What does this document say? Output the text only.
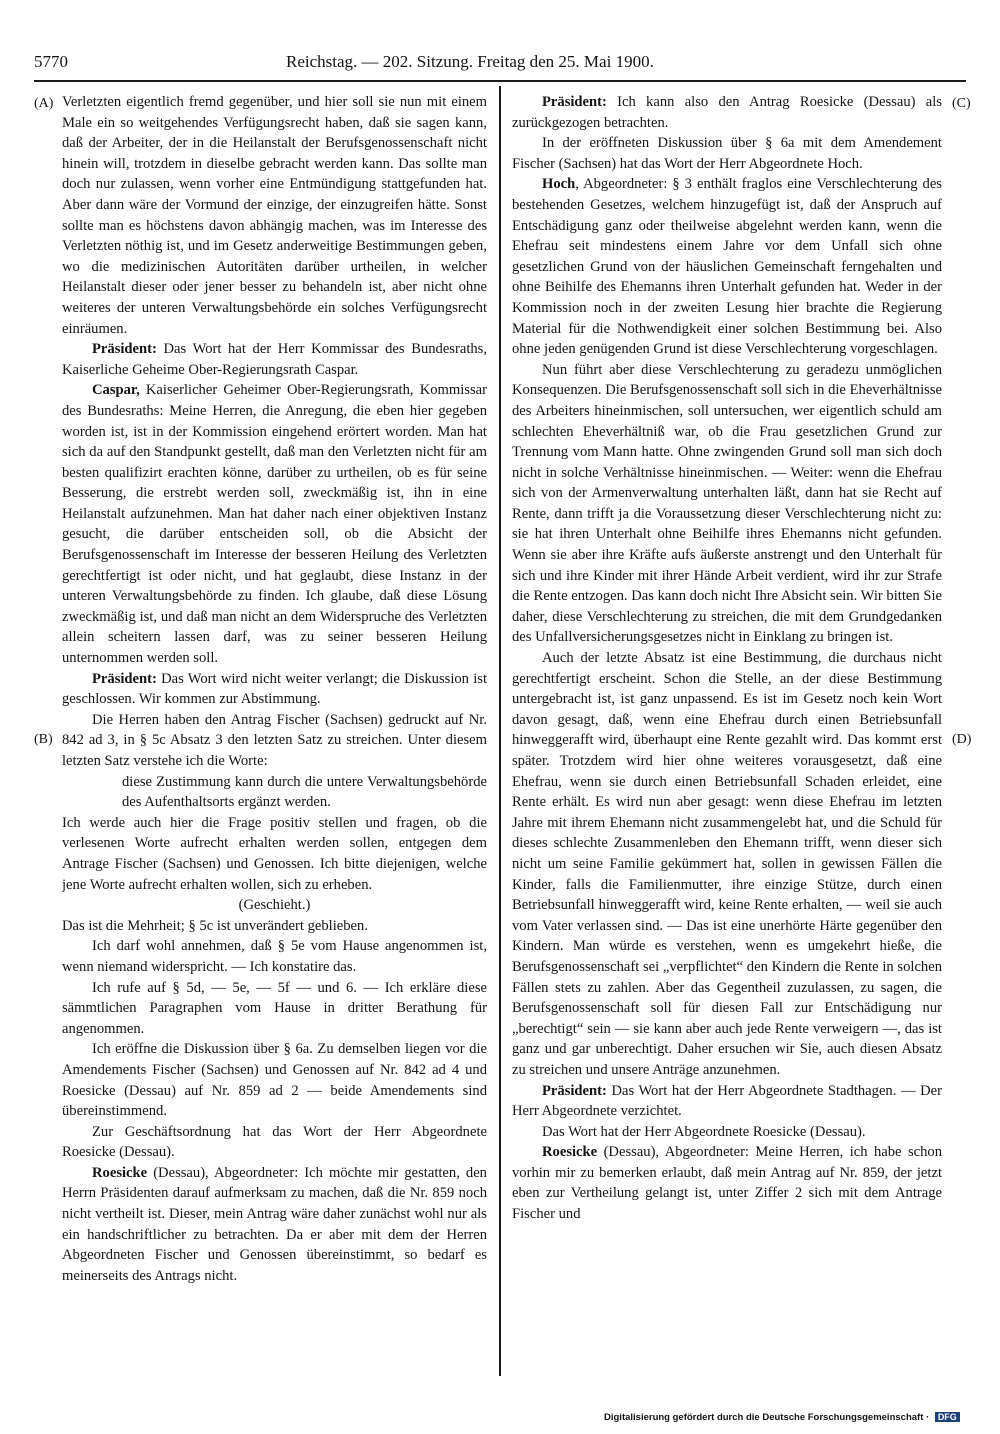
5770	Reichstag. — 202. Sitzung. Freitag den 25. Mai 1900.
(A)
(B)
(C)
(D)

Verletzten eigentlich fremd gegenüber, und hier soll sie nun mit einem Male ein so weitgehendes Verfügungsrecht haben, daß sie sagen kann, daß der Arbeiter, der in die Heilanstalt der Berufsgenossenschaft nicht hinein will, trotzdem in dieselbe gebracht werden kann. Das sollte man doch nur zulassen, wenn vorher eine Entmündigung stattgefunden hat. Aber dann wäre der Vormund der einzige, der einzugreifen hätte. Sonst sollte man es höchstens davon abhängig machen, was im Interesse des Verletzten nöthig ist, und im Gesetz anderweitige Bestimmungen geben, wo die medizinischen Autoritäten darüber urtheilen, in welcher Heilanstalt dieser oder jener besser zu behandeln ist, aber nicht ohne weiteres der unteren Verwaltungsbehörde ein solches Verfügungsrecht einräumen.

Präsident: Das Wort hat der Herr Kommissar des Bundesraths, Kaiserliche Geheime Ober-Regierungsrath Caspar.

Caspar, Kaiserlicher Geheimer Ober-Regierungsrath, Kommissar des Bundesraths: Meine Herren, die Anregung, die eben hier gegeben worden ist, ist in der Kommission eingehend erörtert worden. Man hat sich da auf den Standpunkt gestellt, daß man den Verletzten nicht für am besten qualifizirt erachten könne, darüber zu urtheilen, ob es für seine Besserung, die erstrebt werden soll, zweckmäßig ist, ihn in eine Heilanstalt aufzunehmen. Man hat daher nach einer objektiven Instanz gesucht, die darüber entscheiden soll, ob die Absicht der Berufsgenossenschaft im Interesse der besseren Heilung des Verletzten gerechtfertigt ist oder nicht, und hat geglaubt, diese Instanz in der unteren Verwaltungsbehörde zu finden. Ich glaube, daß diese Lösung zweckmäßig ist, und daß man nicht an dem Widerspruche des Verletzten allein scheitern lassen darf, was zu seiner besseren Heilung unternommen werden soll.

Präsident: Das Wort wird nicht weiter verlangt; die Diskussion ist geschlossen. Wir kommen zur Abstimmung.

Die Herren haben den Antrag Fischer (Sachsen) gedruckt auf Nr. 842 ad 3, in § 5c Absatz 3 den letzten Satz zu streichen. Unter diesem letzten Satz verstehe ich die Worte:

diese Zustimmung kann durch die untere Verwaltungsbehörde des Aufenthaltsorts ergänzt werden.

Ich werde auch hier die Frage positiv stellen und fragen, ob die verlesenen Worte aufrecht erhalten werden sollen, entgegen dem Antrage Fischer (Sachsen) und Genossen. Ich bitte diejenigen, welche jene Worte aufrecht erhalten wollen, sich zu erheben.

(Geschieht.)

Das ist die Mehrheit; § 5c ist unverändert geblieben.

Ich darf wohl annehmen, daß § 5e vom Hause angenommen ist, wenn niemand widerspricht. — Ich konstatire das.

Ich rufe auf § 5d, — 5e, — 5f — und 6. — Ich erkläre diese sämmtlichen Paragraphen vom Hause in dritter Berathung für angenommen.

Ich eröffne die Diskussion über § 6a. Zu demselben liegen vor die Amendements Fischer (Sachsen) und Genossen auf Nr. 842 ad 4 und Roesicke (Dessau) auf Nr. 859 ad 2 — beide Amendements sind übereinstimmend.

Zur Geschäftsordnung hat das Wort der Herr Abgeordnete Roesicke (Dessau).

Roesicke (Dessau), Abgeordneter: Ich möchte mir gestatten, den Herrn Präsidenten darauf aufmerksam zu machen, daß die Nr. 859 noch nicht vertheilt ist. Dieser, mein Antrag wäre daher zunächst wohl nur als ein handschriftlicher zu betrachten. Da er aber mit dem der Herren Abgeordneten Fischer und Genossen übereinstimmt, so bedarf es meinerseits des Antrags nicht.

Präsident: Ich kann also den Antrag Roesicke (Dessau) als zurückgezogen betrachten.

In der eröffneten Diskussion über § 6a mit dem Amendement Fischer (Sachsen) hat das Wort der Herr Abgeordnete Hoch.

Hoch, Abgeordneter: § 3 enthält fraglos eine Verschlechterung des bestehenden Gesetzes, welchem hinzugefügt ist, daß der Anspruch auf Entschädigung ganz oder theilweise abgelehnt werden kann, wenn die Ehefrau seit mindestens einem Jahre vor dem Unfall sich ohne gesetzlichen Grund von der häuslichen Gemeinschaft ferngehalten und ohne Beihilfe des Ehemanns ihren Unterhalt gefunden hat. Weder in der Kommission noch in der zweiten Lesung hier brachte die Regierung Material für die Nothwendigkeit einer solchen Bestimmung bei. Also ohne jeden genügenden Grund ist diese Verschlechterung vorgeschlagen.

Nun führt aber diese Verschlechterung zu geradezu unmöglichen Konsequenzen. Die Berufsgenossenschaft soll sich in die Eheverhältnisse des Arbeiters hineinmischen, soll untersuchen, wer eigentlich schuld am schlechten Eheverhältniß war, ob die Frau gesetzlichen Grund zur Trennung vom Mann hatte. Ohne zwingenden Grund soll man sich doch nicht in solche Verhältnisse hineinmischen. — Weiter: wenn die Ehefrau sich von der Armenverwaltung unterhalten läßt, dann hat sie Recht auf Rente, dann trifft ja die Voraussetzung dieser Verschlechterung nicht zu: sie hat ihren Unterhalt ohne Beihilfe ihres Ehemanns nicht gefunden. Wenn sie aber ihre Kräfte aufs äußerste anstrengt und den Unterhalt für sich und ihre Kinder mit ihrer Hände Arbeit verdient, wird ihr zur Strafe die Rente entzogen. Das kann doch nicht Ihre Absicht sein. Wir bitten Sie daher, diese Verschlechterung zu streichen, die mit dem Grundgedanken des Unfallversicherungsgesetzes nicht in Einklang zu bringen ist.

Auch der letzte Absatz ist eine Bestimmung, die durchaus nicht gerechtfertigt erscheint. Schon die Stelle, an der diese Bestimmung untergebracht ist, ist ganz unpassend. Es ist im Gesetz noch kein Wort davon gesagt, daß, wenn eine Ehefrau durch einen Betriebsunfall hinweggerafft wird, überhaupt eine Rente gezahlt wird. Das kommt erst später. Trotzdem wird hier ohne weiteres vorausgesetzt, daß eine Ehefrau, wenn sie durch einen Betriebsunfall Schaden erleidet, eine Rente erhält. Es wird nun aber gesagt: wenn diese Ehefrau im letzten Jahre mit ihrem Ehemann nicht zusammengelebt hat, und die Schuld für dieses schlechte Zusammenleben den Ehemann trifft, wenn dieser sich nicht um seine Familie gekümmert hat, sollen in gewissen Fällen die Kinder, falls die Familienmutter, ihre einzige Stütze, durch einen Betriebsunfall hinweggerafft wird, keine Rente erhalten, — weil sie auch vom Vater verlassen sind. — Das ist eine unerhörte Härte gegenüber den Kindern. Man würde es verstehen, wenn es umgekehrt hieße, die Berufsgenossenschaft sei „verpflichtet“ den Kindern die Rente in solchen Fällen stets zu zahlen. Aber das Gegentheil zuzulassen, zu sagen, die Berufsgenossenschaft soll für diesen Fall zur Entschädigung nur „berechtigt“ sein — sie kann aber auch jede Rente verweigern —, das ist ganz und gar unberechtigt. Daher ersuchen wir Sie, auch diesen Absatz zu streichen und unsere Anträge anzunehmen.

Präsident: Das Wort hat der Herr Abgeordnete Stadthagen. — Der Herr Abgeordnete verzichtet.

Das Wort hat der Herr Abgeordnete Roesicke (Dessau).

Roesicke (Dessau), Abgeordneter: Meine Herren, ich habe schon vorhin mir zu bemerken erlaubt, daß mein Antrag auf Nr. 859, der jetzt eben zur Vertheilung gelangt ist, unter Ziffer 2 sich mit dem Antrage Fischer und

Digitalisierung gefördert durch die Deutsche Forschungsgemeinschaft · DFG
